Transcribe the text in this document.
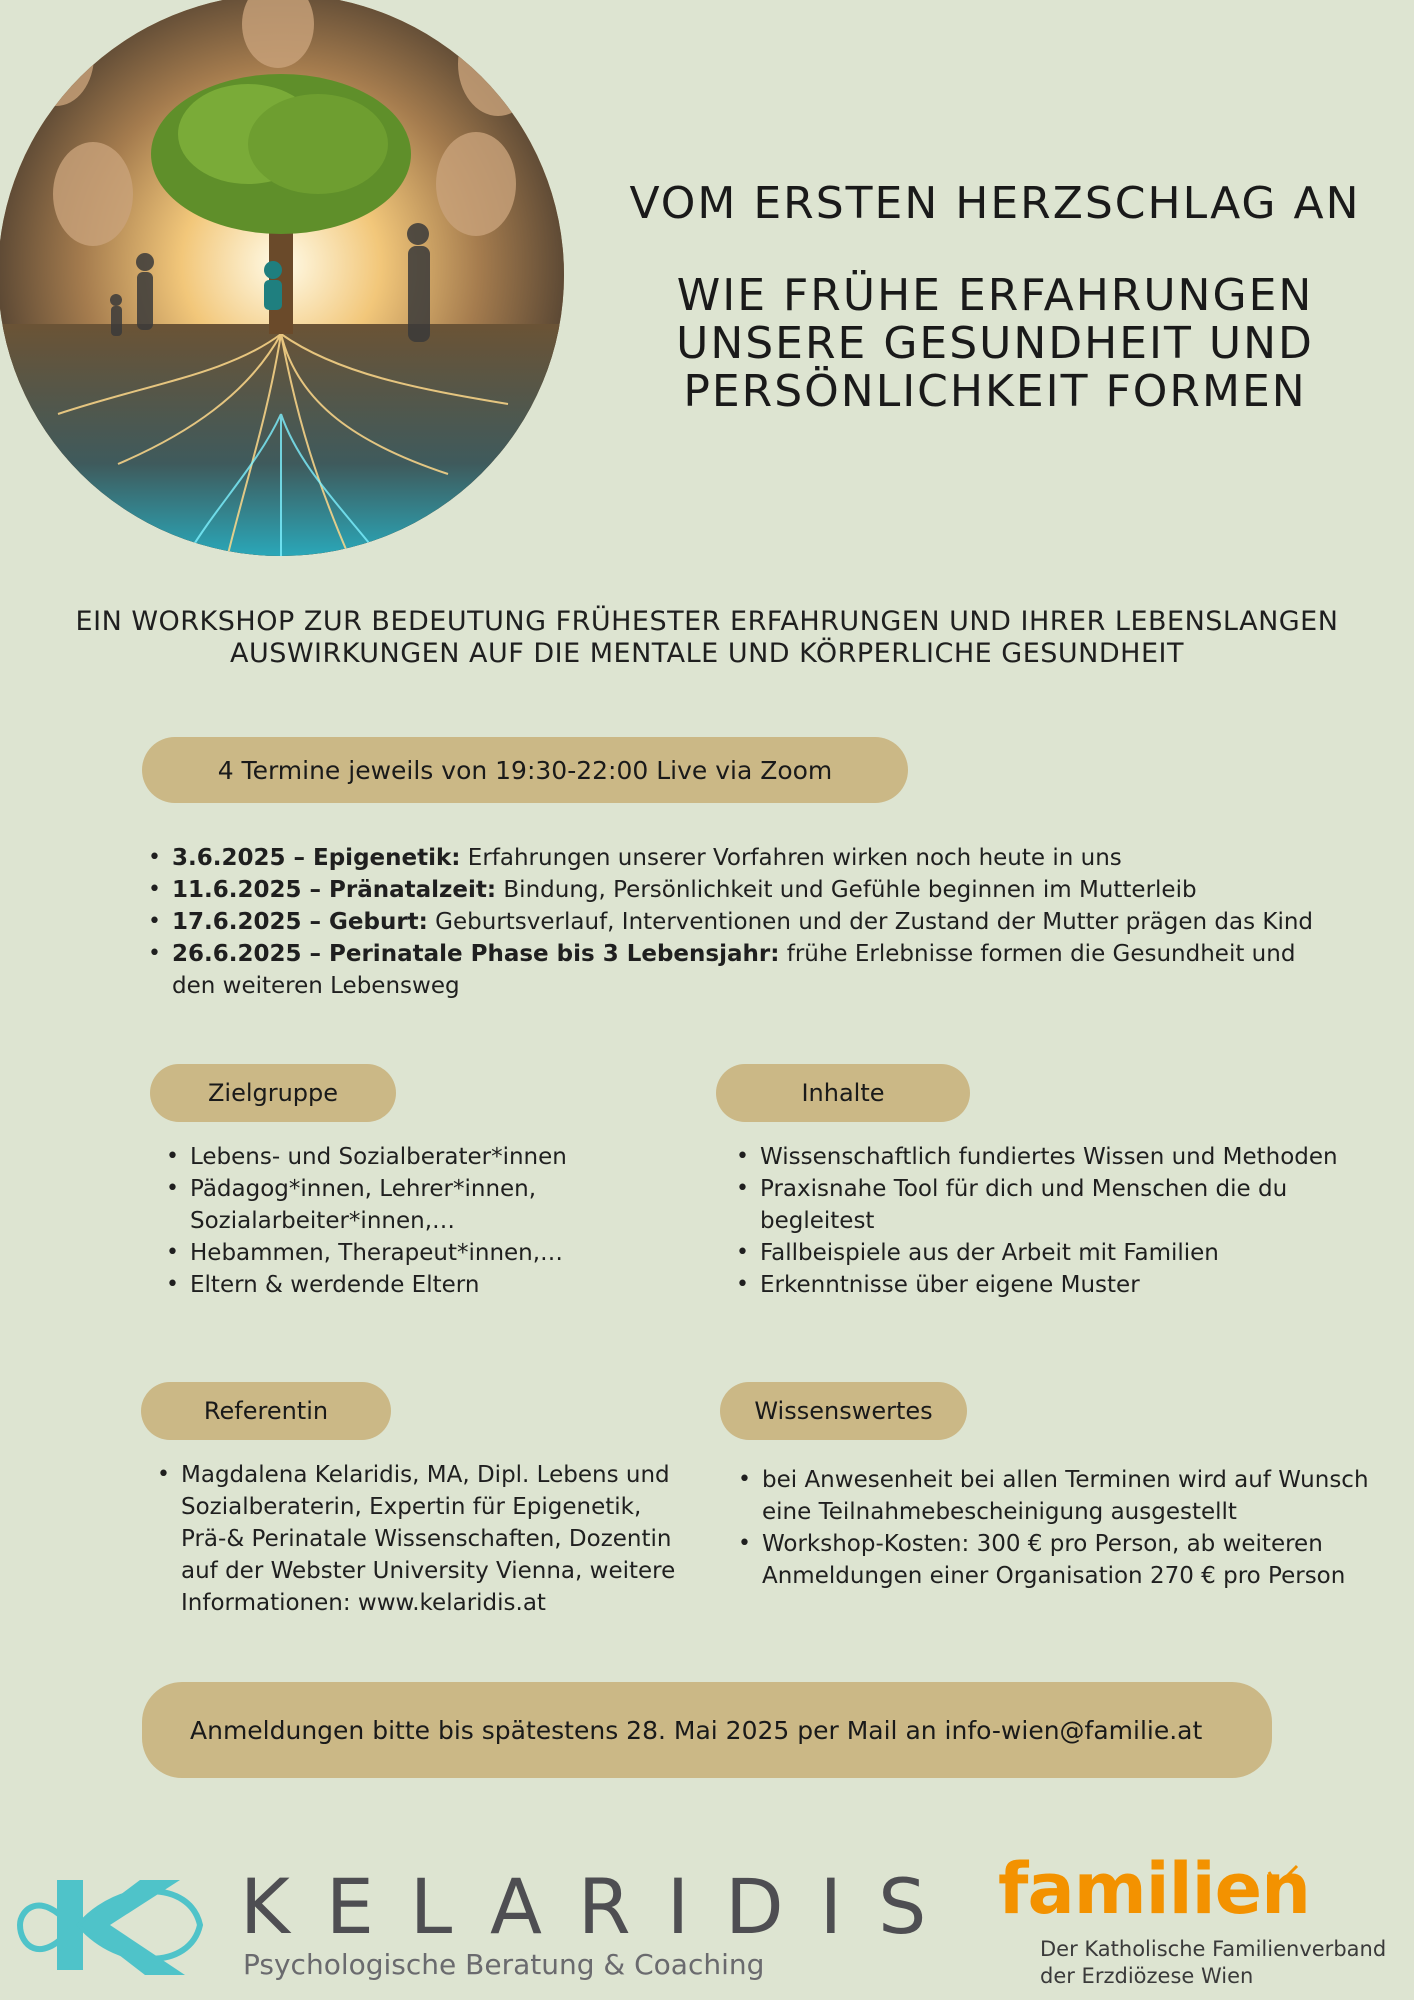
VOM ERSTEN HERZSCHLAG AN
WIE FRÜHE ERFAHRUNGEN
UNSERE GESUNDHEIT UND
PERSÖNLICHKEIT FORMEN
EIN WORKSHOP ZUR BEDEUTUNG FRÜHESTER ERFAHRUNGEN UND IHRER LEBENSLANGEN
AUSWIRKUNGEN AUF DIE MENTALE UND KÖRPERLICHE GESUNDHEIT
4 Termine jeweils von 19:30-22:00 Live via Zoom
• 3.6.2025 – Epigenetik: Erfahrungen unserer Vorfahren wirken noch heute in uns
• 11.6.2025 – Pränatalzeit: Bindung, Persönlichkeit und Gefühle beginnen im Mutterleib
• 17.6.2025 – Geburt: Geburtsverlauf, Interventionen und der Zustand der Mutter prägen das Kind
• 26.6.2025 – Perinatale Phase bis 3 Lebensjahr: frühe Erlebnisse formen die Gesundheit und den weiteren Lebensweg
Zielgruppe
• Lebens- und Sozialberater*innen
• Pädagog*innen, Lehrer*innen, Sozialarbeiter*innen,…
• Hebammen, Therapeut*innen,…
• Eltern & werdende Eltern
Inhalte
• Wissenschaftlich fundiertes Wissen und Methoden
• Praxisnahe Tool für dich und Menschen die du begleitest
• Fallbeispiele aus der Arbeit mit Familien
• Erkenntnisse über eigene Muster
Referentin
• Magdalena Kelaridis, MA, Dipl. Lebens und Sozialberaterin, Expertin für Epigenetik, Prä-& Perinatale Wissenschaften, Dozentin auf der Webster University Vienna, weitere Informationen: www.kelaridis.at
Wissenswertes
• bei Anwesenheit bei allen Terminen wird auf Wunsch eine Teilnahmebescheinigung ausgestellt
• Workshop-Kosten: 300 € pro Person, ab weiteren Anmeldungen einer Organisation 270 € pro Person
Anmeldungen bitte bis spätestens 28. Mai 2025 per Mail an info-wien@familie.at
KELARIDIS
Psychologische Beratung & Coaching
familien
Der Katholische Familienverband
der Erzdiözese Wien
